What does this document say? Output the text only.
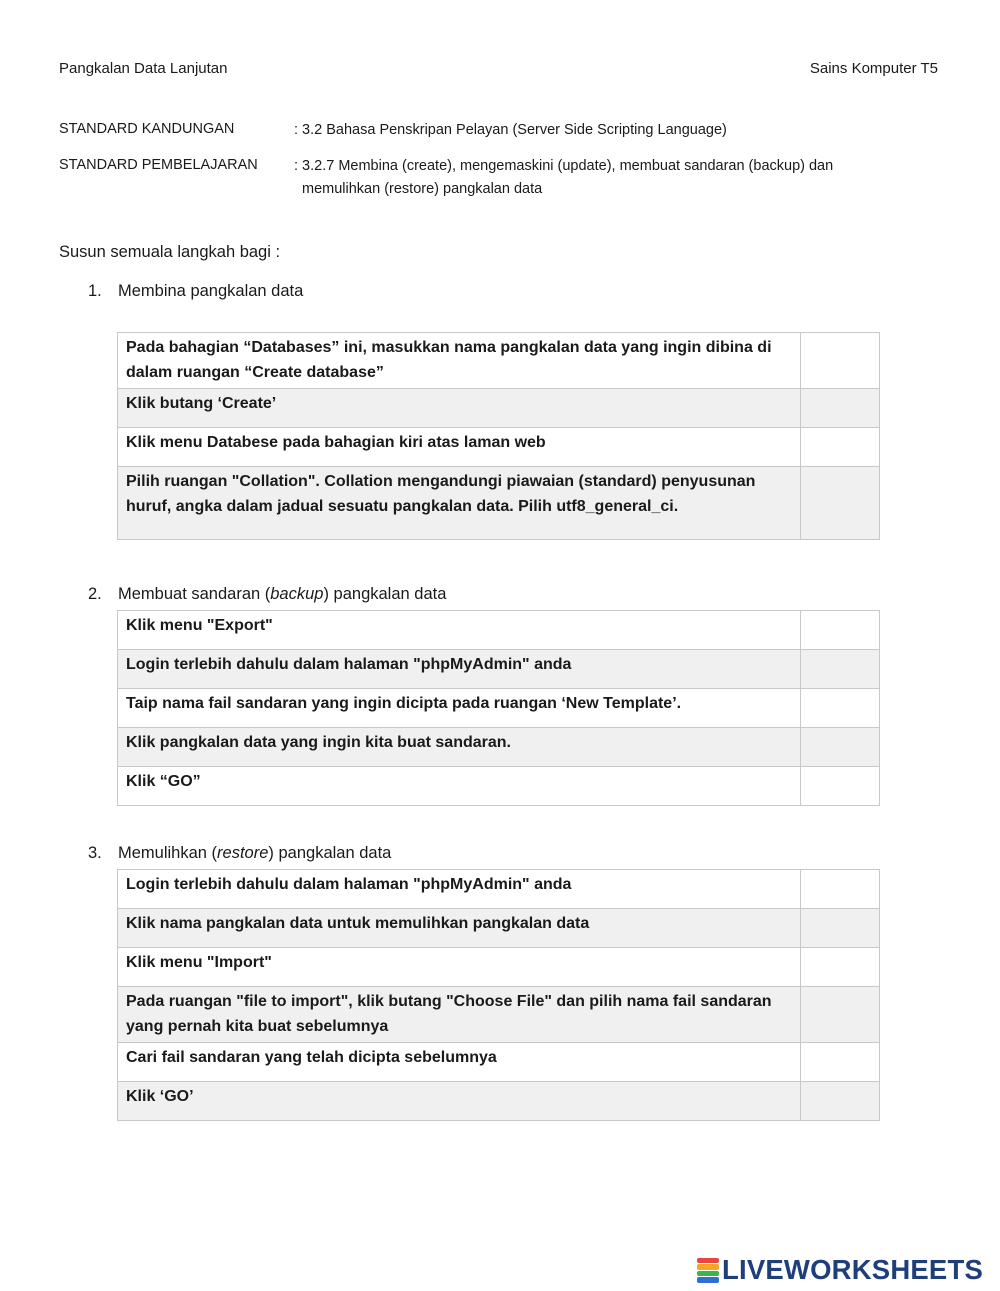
Pangkalan Data Lanjutan	Sains Komputer T5
STANDARD KANDUNGAN	: 3.2 Bahasa Penskripan Pelayan (Server Side Scripting Language)
STANDARD PEMBELAJARAN	: 3.2.7 Membina (create), mengemaskini (update), membuat sandaran (backup) dan
memulihkan (restore) pangkalan data
Susun semuala langkah bagi :
1. Membina pangkalan data
Pada bahagian “Databases” ini, masukkan nama pangkalan data yang ingin dibina di dalam ruangan “Create database”	
Klik butang ‘Create’	
Klik menu Databese pada bahagian kiri atas laman web	
Pilih ruangan "Collation". Collation mengandungi piawaian (standard) penyusunan huruf, angka dalam jadual sesuatu pangkalan data. Pilih utf8_general_ci.	
2. Membuat sandaran (backup) pangkalan data
Klik menu "Export"	
Login terlebih dahulu dalam halaman "phpMyAdmin" anda	
Taip nama fail sandaran yang ingin dicipta pada ruangan ‘New Template’.	
Klik pangkalan data yang ingin kita buat sandaran.	
Klik “GO”	
3. Memulihkan (restore) pangkalan data
Login terlebih dahulu dalam halaman "phpMyAdmin" anda	
Klik nama pangkalan data untuk memulihkan pangkalan data	
Klik menu "Import"	
Pada ruangan "file to import", klik butang "Choose File" dan pilih nama fail sandaran yang pernah kita buat sebelumnya	
Cari fail sandaran yang telah dicipta sebelumnya	
Klik ‘GO’	
LIVEWORKSHEETS
